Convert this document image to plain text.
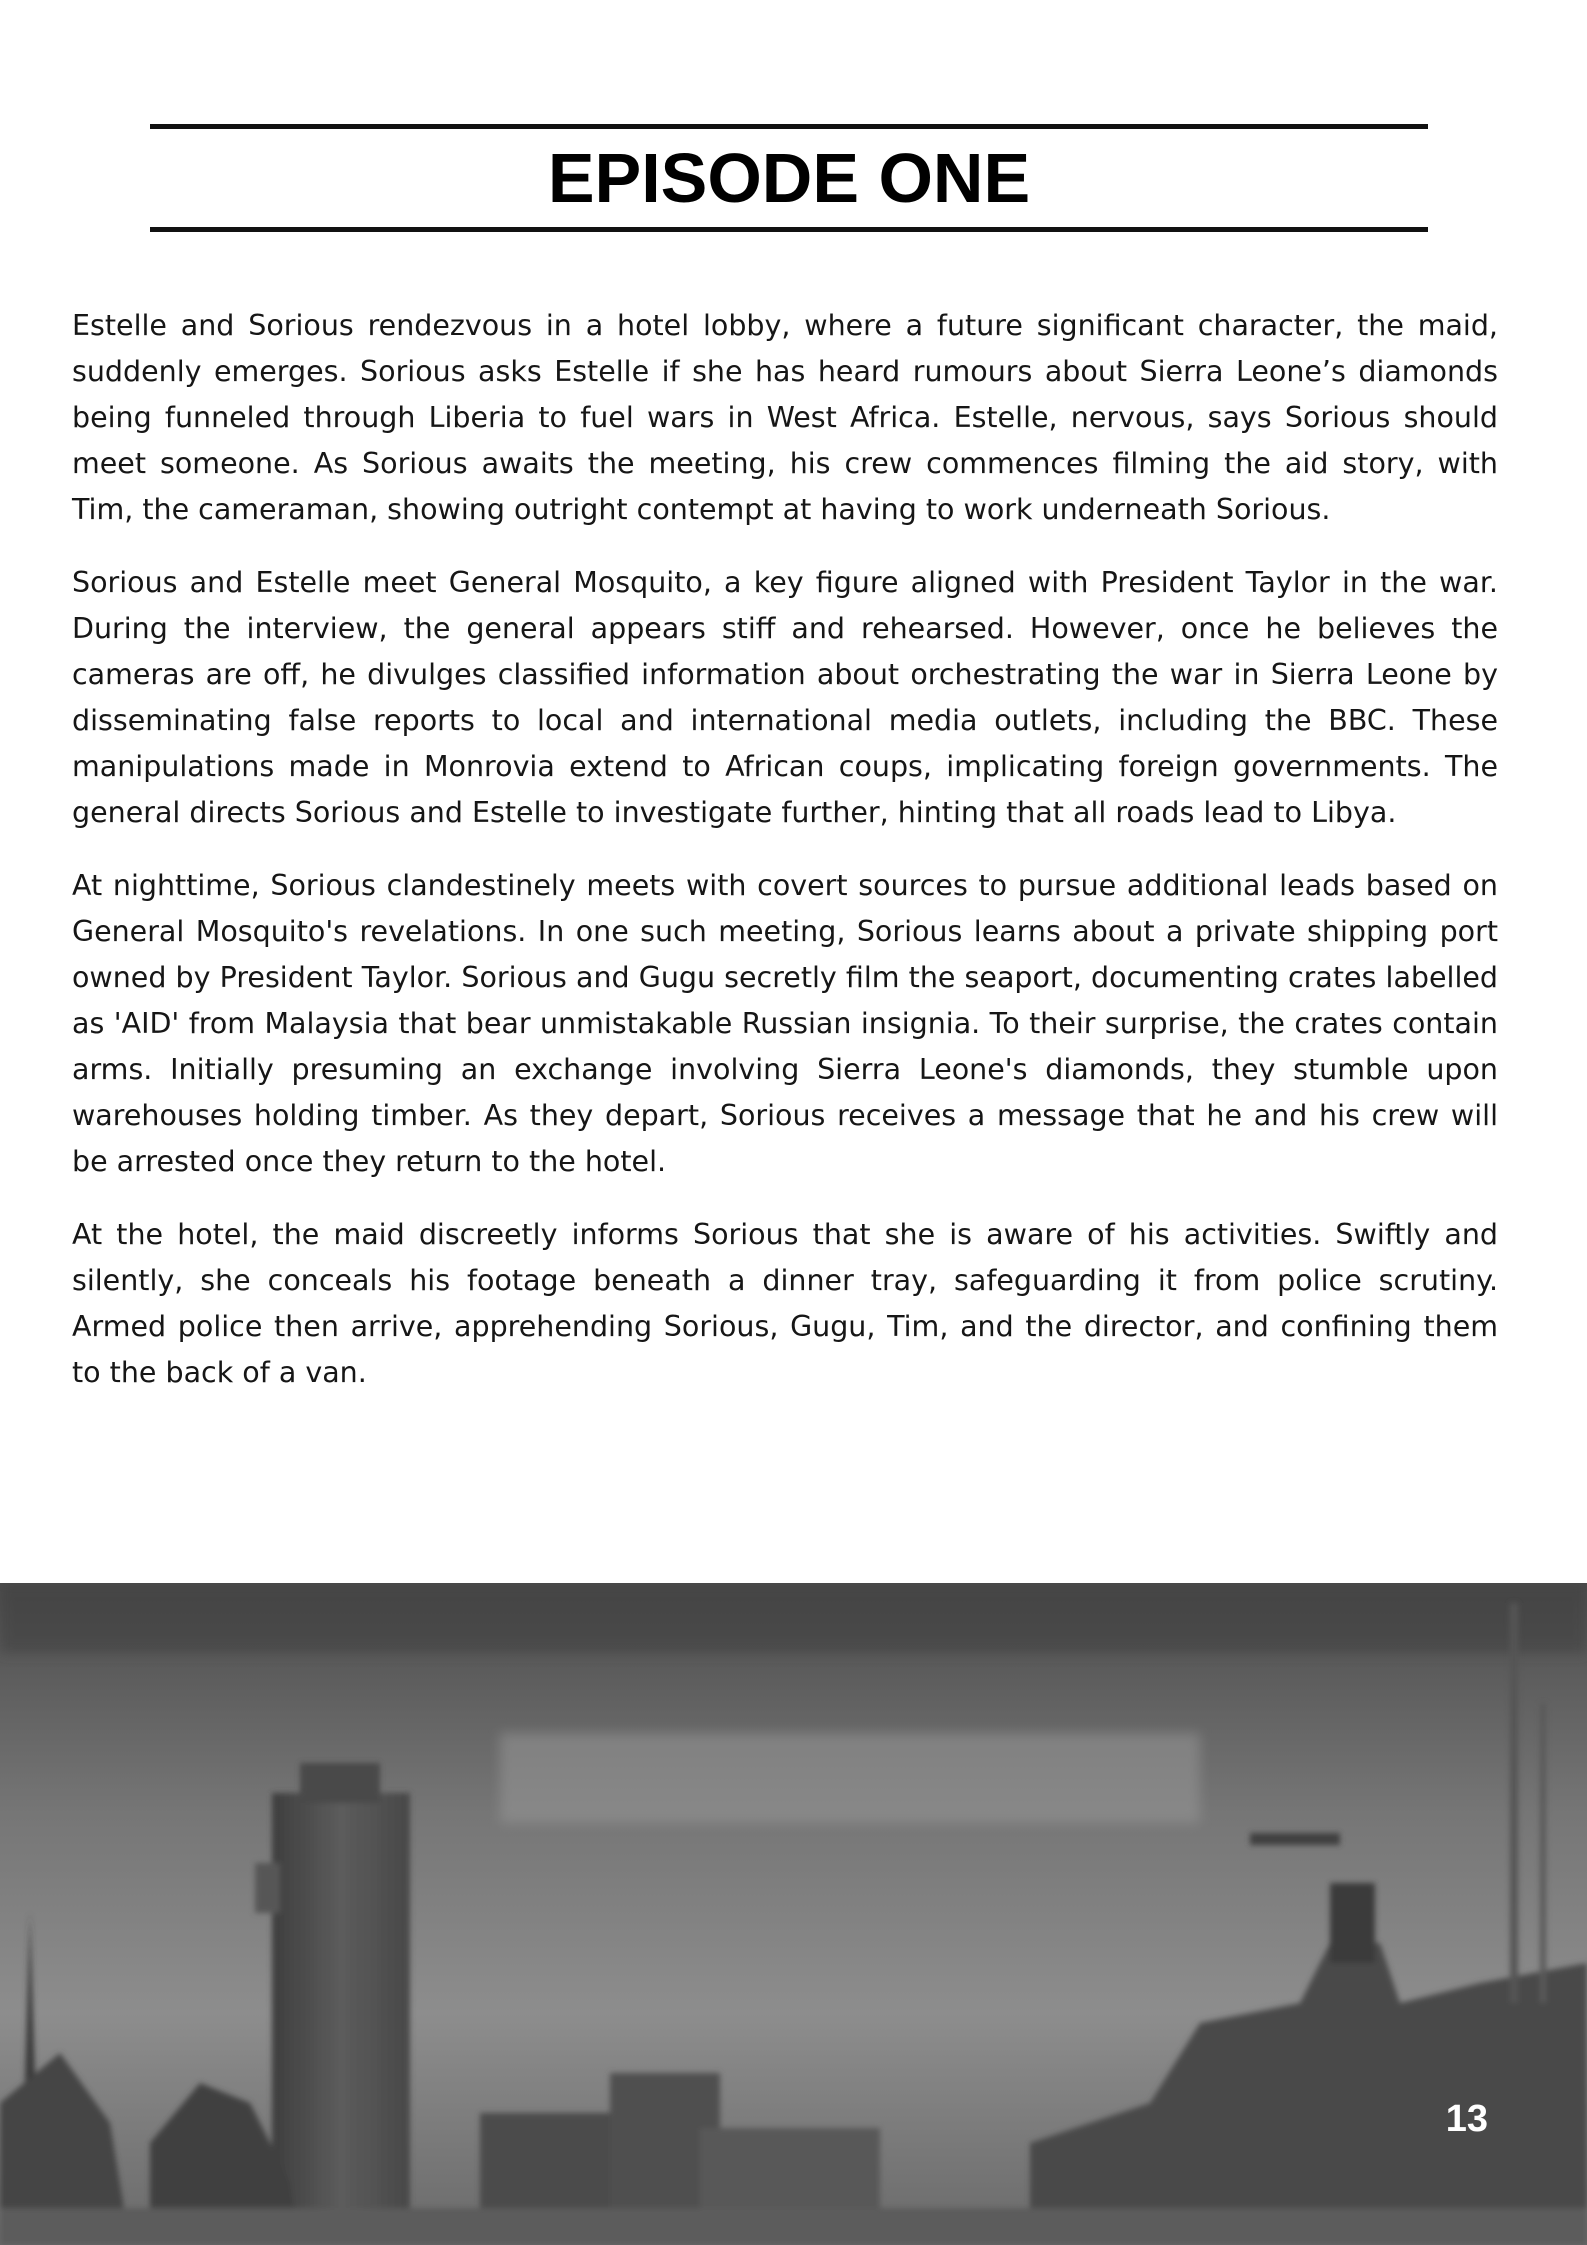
EPISODE ONE

Estelle and Sorious rendezvous in a hotel lobby, where a future significant character, the maid, suddenly emerges. Sorious asks Estelle if she has heard rumours about Sierra Leone’s diamonds being funneled through Liberia to fuel wars in West Africa. Estelle, nervous, says Sorious should meet someone. As Sorious awaits the meeting, his crew commences filming the aid story, with Tim, the cameraman, showing outright contempt at having to work underneath Sorious.

Sorious and Estelle meet General Mosquito, a key figure aligned with President Taylor in the war. During the interview, the general appears stiff and rehearsed. However, once he believes the cameras are off, he divulges classified information about orchestrating the war in Sierra Leone by disseminating false reports to local and international media outlets, including the BBC. These manipulations made in Monrovia extend to African coups, implicating foreign governments. The general directs Sorious and Estelle to investigate further, hinting that all roads lead to Libya.

At nighttime, Sorious clandestinely meets with covert sources to pursue additional leads based on General Mosquito's revelations. In one such meeting, Sorious learns about a private shipping port owned by President Taylor. Sorious and Gugu secretly film the seaport, documenting crates labelled as 'AID' from Malaysia that bear unmistakable Russian insignia. To their surprise, the crates contain arms. Initially presuming an exchange involving Sierra Leone's diamonds, they stumble upon warehouses holding timber. As they depart, Sorious receives a message that he and his crew will be arrested once they return to the hotel.

At the hotel, the maid discreetly informs Sorious that she is aware of his activities. Swiftly and silently, she conceals his footage beneath a dinner tray, safeguarding it from police scrutiny. Armed police then arrive, apprehending Sorious, Gugu, Tim, and the director, and confining them to the back of a van.

13
